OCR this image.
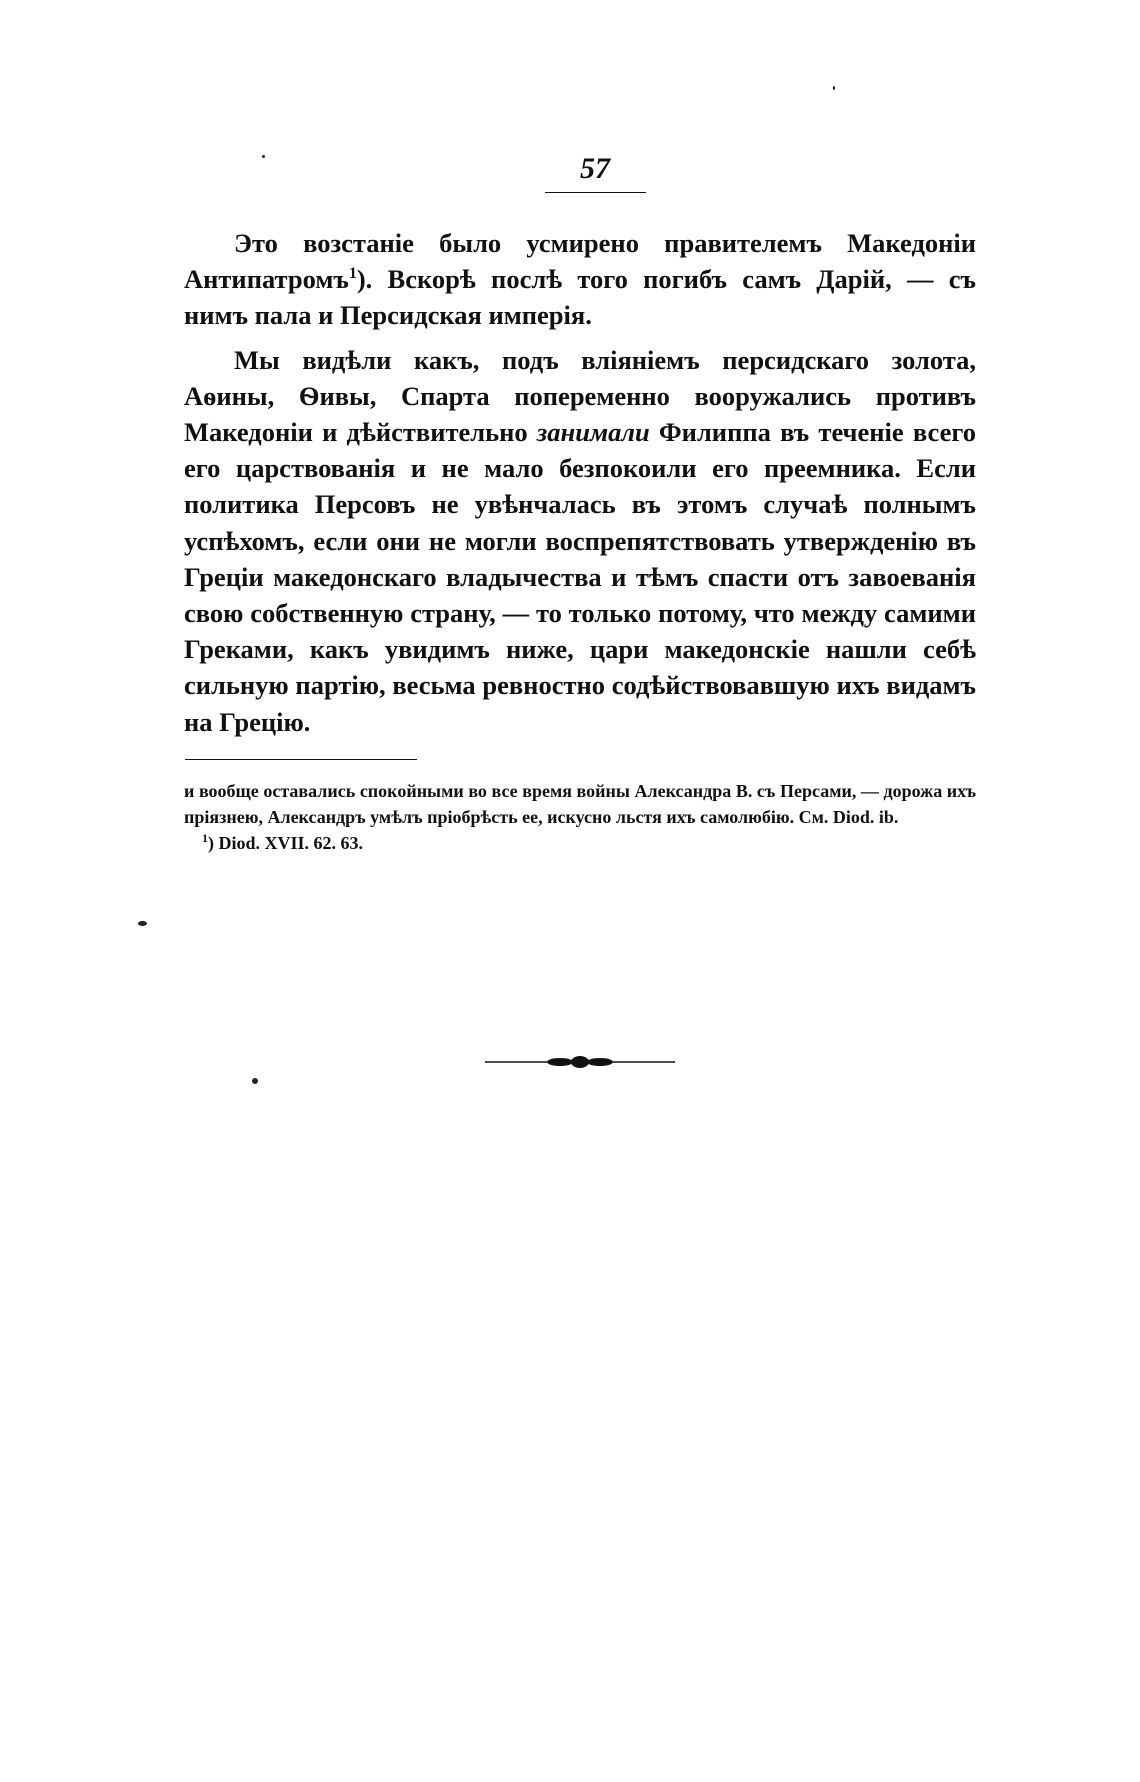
57

Это возстаніе было усмирено правителемъ Македоніи Антипатромъ$^1$). Вскорѣ послѣ того погибъ самъ Дарій, — съ нимъ пала и Персидская имперія.

Мы видѣли какъ, подъ вліяніемъ персидскаго золота, Аѳины, Ѳивы, Спарта попеременно вооружались противъ Македоніи и дѣйствительно занимали Филиппа въ теченіе всего его царствованія и не мало безпокоили его преемника. Если политика Персовъ не увѣнчалась въ этомъ случаѣ полнымъ успѣхомъ, если они не могли воспрепятствовать утвержденію въ Греціи македонскаго владычества и тѣмъ спасти отъ завоеванія свою собственную страну, — то только потому, что между самими Греками, какъ увидимъ ниже, цари македонскіе нашли себѣ сильную партію, весьма ревностно содѣйствовавшую ихъ видамъ на Грецію.

и вообще оставались спокойными во все время войны Александра В. съ Персами, — дорожа ихъ пріязнею, Александръ умѣлъ пріобрѣсть ее, искусно льстя ихъ самолюбію. См. Diod. ib.

$^1$) Diod. XVII. 62. 63.
